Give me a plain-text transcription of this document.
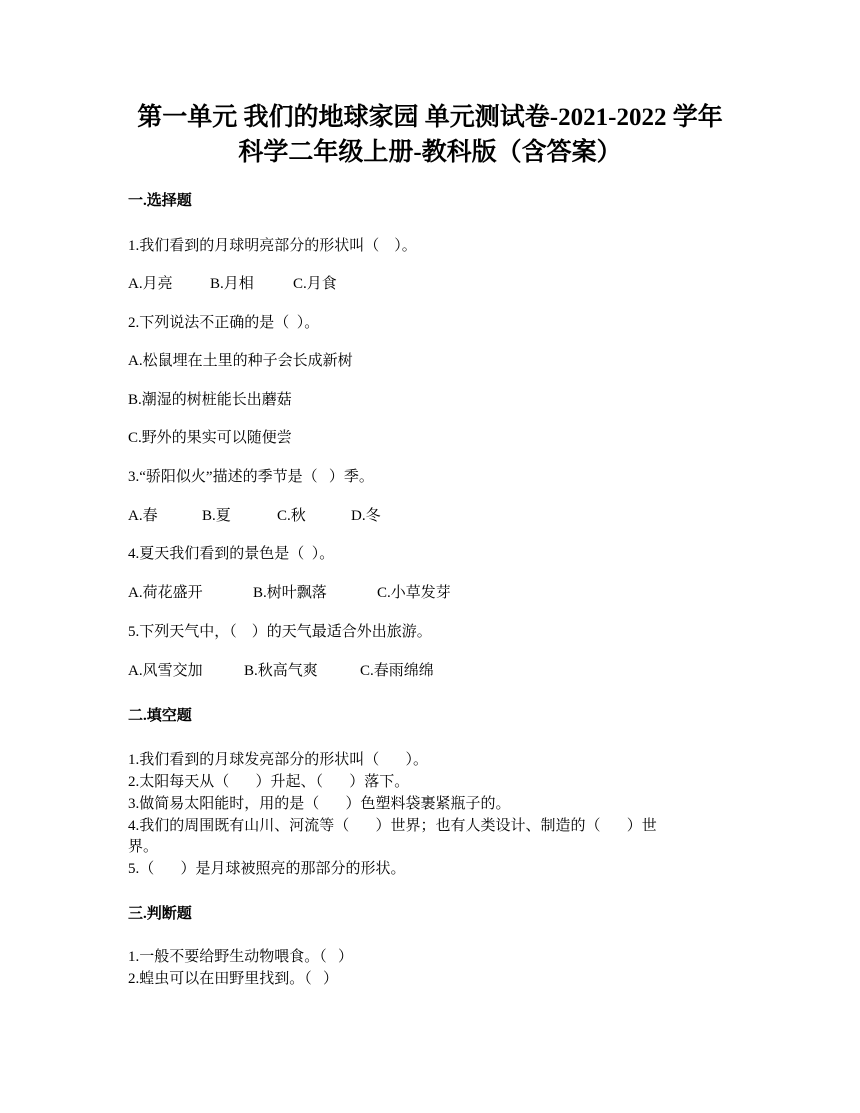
第一单元 我们的地球家园 单元测试卷-2021-2022 学年
科学二年级上册-教科版（含答案）
一.选择题
1.我们看到的月球明亮部分的形状叫（    ）。
A.月亮 B.月相	C.月食
2.下列说法不正确的是（  ）。
A.松鼠埋在土里的种子会长成新树
B.潮湿的树桩能长出蘑菇
C.野外的果实可以随便尝
3.“骄阳似火”描述的季节是（   ）季。
A.春	B.夏	C.秋	D.冬
4.夏天我们看到的景色是（  ）。
A.荷花盛开	B.树叶飘落	C.小草发芽
5.下列天气中，（    ）的天气最适合外出旅游。
A.风雪交加	B.秋高气爽	C.春雨绵绵
二.填空题
1.我们看到的月球发亮部分的形状叫（       ）。
2.太阳每天从（       ）升起、（       ）落下。
3.做简易太阳能时，用的是（       ）色塑料袋裹紧瓶子的。
4.我们的周围既有山川、河流等（       ）世界；也有人类设计、制造的（       ）世
界。
5.（       ）是月球被照亮的那部分的形状。
三.判断题
1.一般不要给野生动物喂食。（   ）
2.蝗虫可以在田野里找到。（   ）
